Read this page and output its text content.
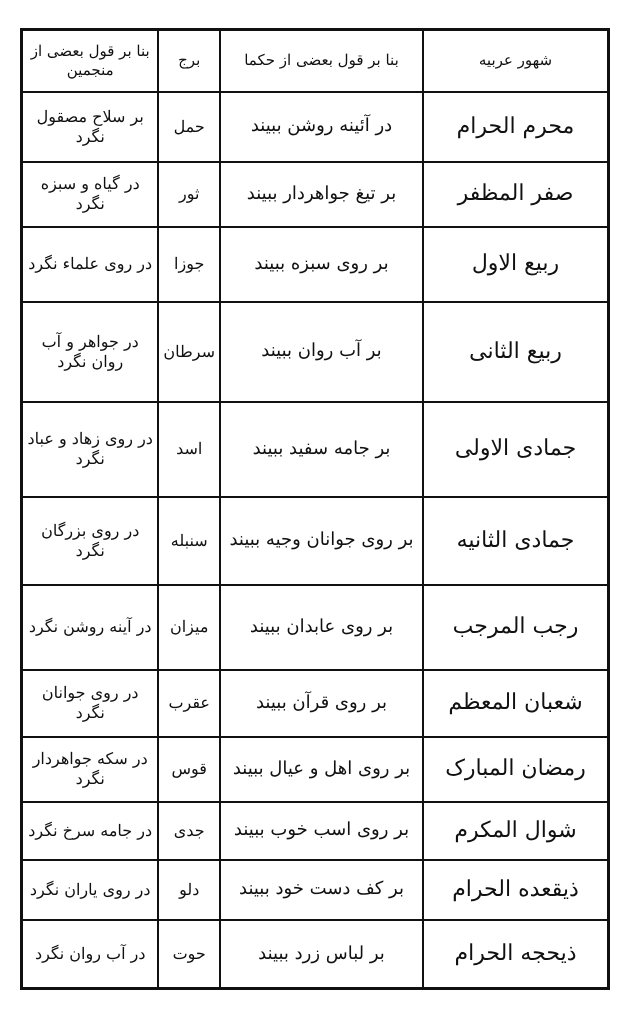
شهور عربیه	بنا بر قول بعضی از حکما	برج	بنا بر قول بعضی از منجمین
محرم الحرام	در آئینه روشن ببیند	حمل	بر سلاح مصقول نگرد
صفر المظفر	بر تیغ جواهردار ببیند	ثور	در گیاه و سبزه نگرد
ربیع الاول	بر روی سبزه ببیند	جوزا	در روی علماء نگرد
ربیع الثانی	بر آب روان ببیند	سرطان	در جواهر و آب روان نگرد
جمادی الاولی	بر جامه سفید ببیند	اسد	در روی زهاد و عباد نگرد
جمادی الثانیه	بر روی جوانان وجیه ببیند	سنبله	در روی بزرگان نگرد
رجب المرجب	بر روی عابدان ببیند	میزان	در آینه روشن نگرد
شعبان المعظم	بر روی قرآن ببیند	عقرب	در روی جوانان نگرد
رمضان المبارک	بر روی اهل و عیال ببیند	قوس	در سکه جواهردار نگرد
شوال المکرم	بر روی اسب خوب ببیند	جدی	در جامه سرخ نگرد
ذیقعده الحرام	بر کف دست خود ببیند	دلو	در روی یاران نگرد
ذیحجه الحرام	بر لباس زرد ببیند	حوت	در آب روان نگرد
